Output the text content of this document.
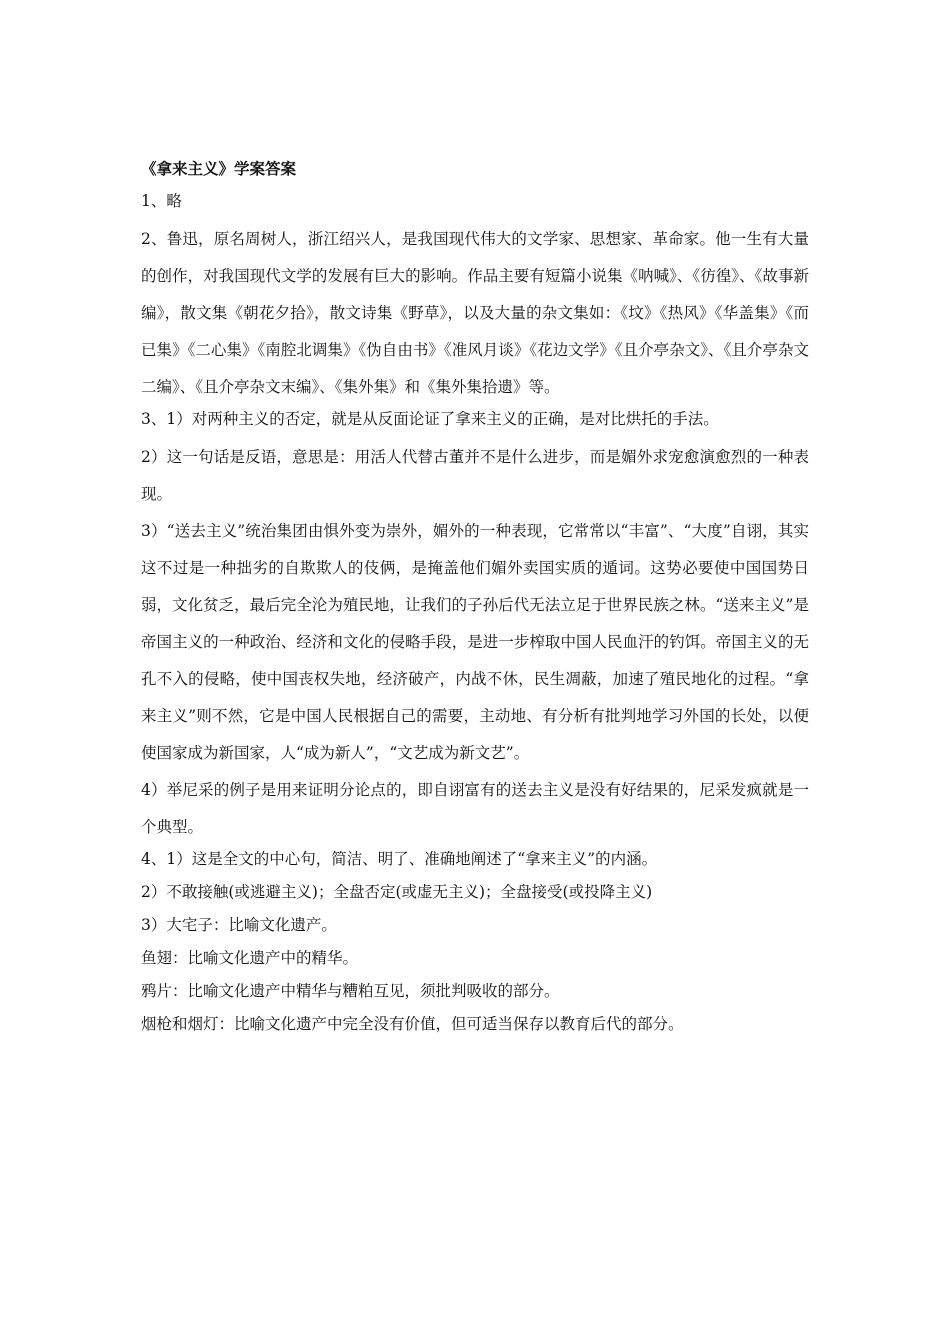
《拿来主义》学案答案
1、略
2、鲁迅，原名周树人，浙江绍兴人，是我国现代伟大的文学家、思想家、革命家。他一生有大量的创作，对我国现代文学的发展有巨大的影响。作品主要有短篇小说集《呐喊》、《彷徨》、《故事新编》，散文集《朝花夕拾》，散文诗集《野草》，以及大量的杂文集如：《坟》《热风》《华盖集》《而已集》《二心集》《南腔北调集》《伪自由书》《准风月谈》《花边文学》《且介亭杂文》、《且介亭杂文二编》、《且介亭杂文末编》、《集外集》和《集外集拾遗》等。
3、1）对两种主义的否定，就是从反面论证了拿来主义的正确，是对比烘托的手法。
2）这一句话是反语，意思是：用活人代替古董并不是什么进步，而是媚外求宠愈演愈烈的一种表现。
3）“送去主义”统治集团由惧外变为崇外，媚外的一种表现，它常常以“丰富”、“大度”自诩，其实这不过是一种拙劣的自欺欺人的伎俩，是掩盖他们媚外卖国实质的遁词。这势必要使中国国势日弱，文化贫乏，最后完全沦为殖民地，让我们的子孙后代无法立足于世界民族之林。“送来主义”是帝国主义的一种政治、经济和文化的侵略手段，是进一步榨取中国人民血汗的钓饵。帝国主义的无孔不入的侵略，使中国丧权失地，经济破产，内战不休，民生凋蔽，加速了殖民地化的过程。“拿来主义”则不然，它是中国人民根据自己的需要，主动地、有分析有批判地学习外国的长处，以便使国家成为新国家，人“成为新人”，“文艺成为新文艺”。
4）举尼采的例子是用来证明分论点的，即自诩富有的送去主义是没有好结果的，尼采发疯就是一个典型。
4、1）这是全文的中心句，简洁、明了、准确地阐述了“拿来主义”的内涵。
2）不敢接触(或逃避主义)；全盘否定(或虚无主义)；全盘接受(或投降主义)
3）大宅子：比喻文化遗产。
鱼翅：比喻文化遗产中的精华。
鸦片：比喻文化遗产中精华与糟粕互见，须批判吸收的部分。
烟枪和烟灯：比喻文化遗产中完全没有价值，但可适当保存以教育后代的部分。
